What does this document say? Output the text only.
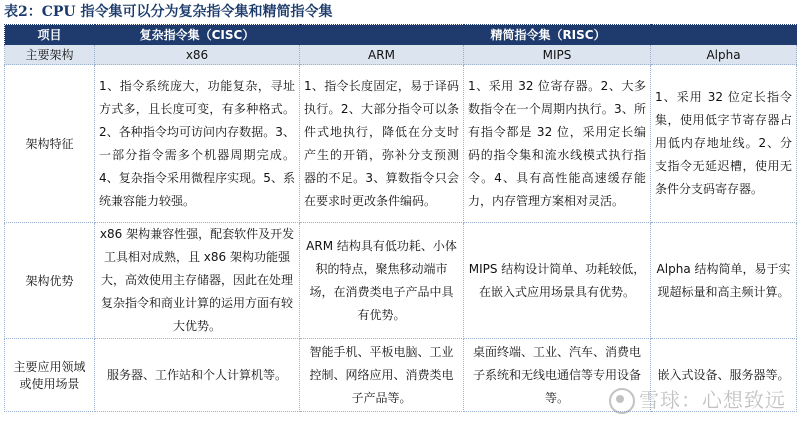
表2：CPU 指令集可以分为复杂指令集和精简指令集
项目	复杂指令集（CISC）	精简指令集（RISC）		
主要架构	x86	ARM	MIPS	Alpha
架构特征	1、指令系统庞大，功能复杂，寻址方式多，且长度可变，有多种格式。2、各种指令均可访问内存数据。3、一部分指令需多个机器周期完成。4、复杂指令采用微程序实现。5、系统兼容能力较强。	1、指令长度固定，易于译码执行。2、大部分指令可以条件式地执行，降低在分支时产生的开销，弥补分支预测器的不足。3、算数指令只会在要求时更改条件编码。	1、采用 32 位寄存器。2、大多数指令在一个周期内执行。3、所有指令都是 32 位，采用定长编码的指令集和流水线模式执行指令。4、具有高性能高速缓存能力，内存管理方案相对灵活。	1、采用 32 位定长指令集，使用低字节寄存器占用低内存地址线。2、分支指令无延迟槽，使用无条件分支码寄存器。
架构优势	x86 架构兼容性强，配套软件及开发工具相对成熟，且 x86 架构功能强大，高效使用主存储器，因此在处理复杂指令和商业计算的运用方面有较大优势。	ARM 结构具有低功耗、小体积的特点，聚焦移动端市场，在消费类电子产品中具有优势。	MIPS 结构设计简单、功耗较低，在嵌入式应用场景具有优势。	Alpha 结构简单，易于实现超标量和高主频计算。
主要应用领域或使用场景	服务器、工作站和个人计算机等。	智能手机、平板电脑、工业控制、网络应用、消费类电子产品等。	桌面终端、工业、汽车、消费电子系统和无线电通信等专用设备等。	嵌入式设备、服务器等。
雪球：心想致远
